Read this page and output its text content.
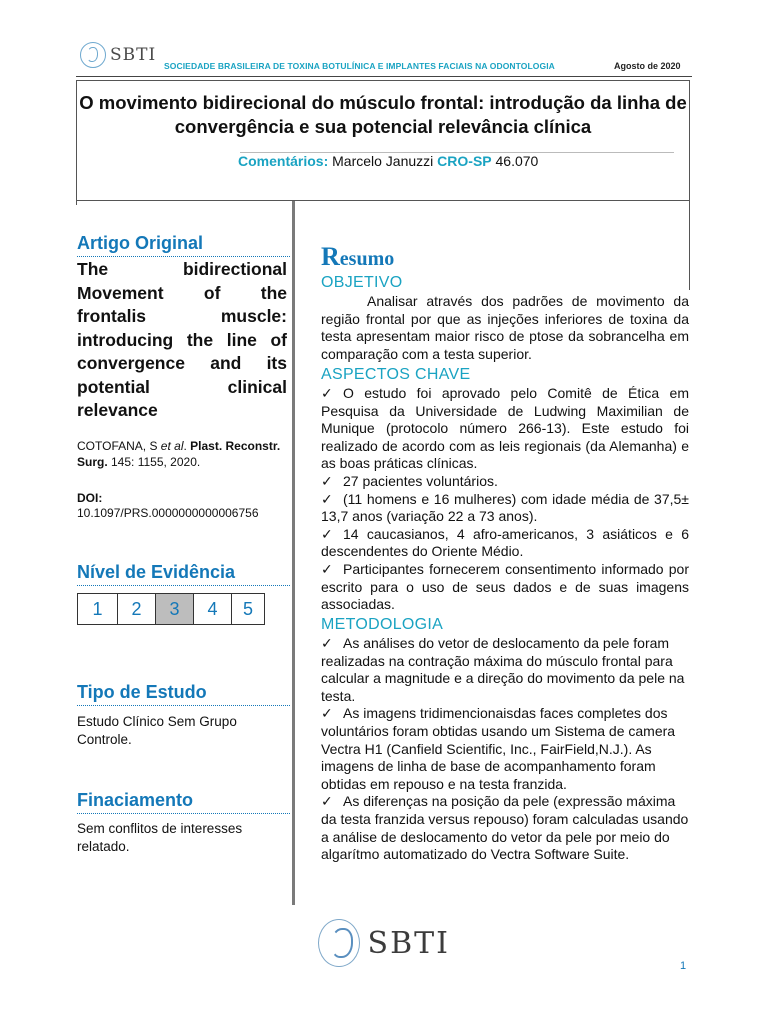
SBTI
SOCIEDADE BRASILEIRA DE TOXINA BOTULÍNICA E IMPLANTES FACIAIS NA ODONTOLOGIA	Agosto de 2020
O movimento bidirecional do músculo frontal: introdução da linha de convergência e sua potencial relevância clínica
Comentários: Marcelo Januzzi CRO-SP 46.070
Artigo Original
The bidirectional Movement of the frontalis muscle: introducing the line of convergence and its potential clinical relevance
COTOFANA, S et al. Plast. Reconstr. Surg. 145: 1155, 2020.
DOI:
10.1097/PRS.0000000000006756
Nível de Evidência
1	2	3	4	5
Tipo de Estudo
Estudo Clínico Sem Grupo Controle.
Finaciamento
Sem conflitos de interesses relatado.
Resumo
OBJETIVO

Analisar através dos padrões de movimento da região frontal por que as injeções inferiores de toxina da testa apresentam maior risco de ptose da sobrancelha em comparação com a testa superior.

ASPECTOS CHAVE

✓ O estudo foi aprovado pelo Comitê de Ética em Pesquisa da Universidade de Ludwing Maximilian de Munique (protocolo número 266-13). Este estudo foi realizado de acordo com as leis regionais (da Alemanha) e as boas práticas clínicas.

✓ 27 pacientes voluntários.

✓ (11 homens e 16 mulheres) com idade média de 37,5± 13,7 anos (variação 22 a 73 anos).

✓ 14 caucasianos, 4 afro-americanos, 3 asiáticos e 6 descendentes do Oriente Médio.

✓ Participantes fornecerem consentimento informado por escrito para o uso de seus dados e de suas imagens associadas.

METODOLOGIA

✓ As análises do vetor de deslocamento da pele foram realizadas na contração máxima do músculo frontal para calcular a magnitude e a direção do movimento da pele na testa.

✓ As imagens tridimencionaisdas faces completes dos voluntários foram obtidas usando um Sistema de camera Vectra H1 (Canfield Scientific, Inc., FairField,N.J.). As imagens de linha de base de acompanhamento foram obtidas em repouso e na testa franzida.

✓ As diferenças na posição da pele (expressão máxima da testa franzida versus repouso) foram calculadas usando a análise de deslocamento do vetor da pele por meio do algarítmo automatizado do Vectra Software Suite.

SBTI
1
